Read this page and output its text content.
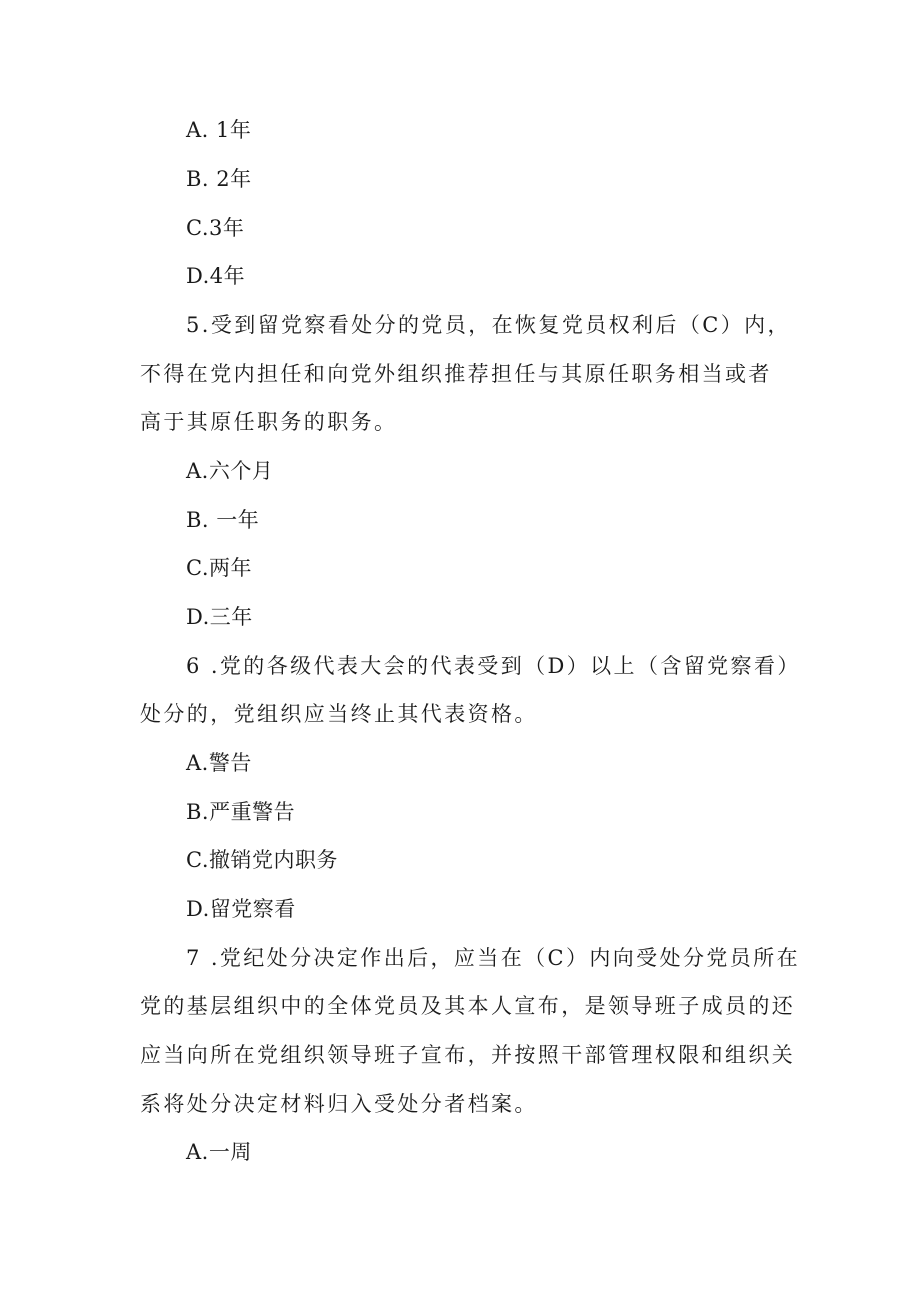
A. 1年
B. 2年
C.3年
D.4年
5.受到留党察看处分的党员，在恢复党员权利后（C）内，
不得在党内担任和向党外组织推荐担任与其原任职务相当或者
高于其原任职务的职务。
A.六个月
B. 一年
C.两年
D.三年
6 .党的各级代表大会的代表受到（D）以上（含留党察看）
处分的，党组织应当终止其代表资格。
A.警告
B.严重警告
C.撤销党内职务
D.留党察看
7 .党纪处分决定作出后，应当在（C）内向受处分党员所在
党的基层组织中的全体党员及其本人宣布，是领导班子成员的还
应当向所在党组织领导班子宣布，并按照干部管理权限和组织关
系将处分决定材料归入受处分者档案。
A.一周
